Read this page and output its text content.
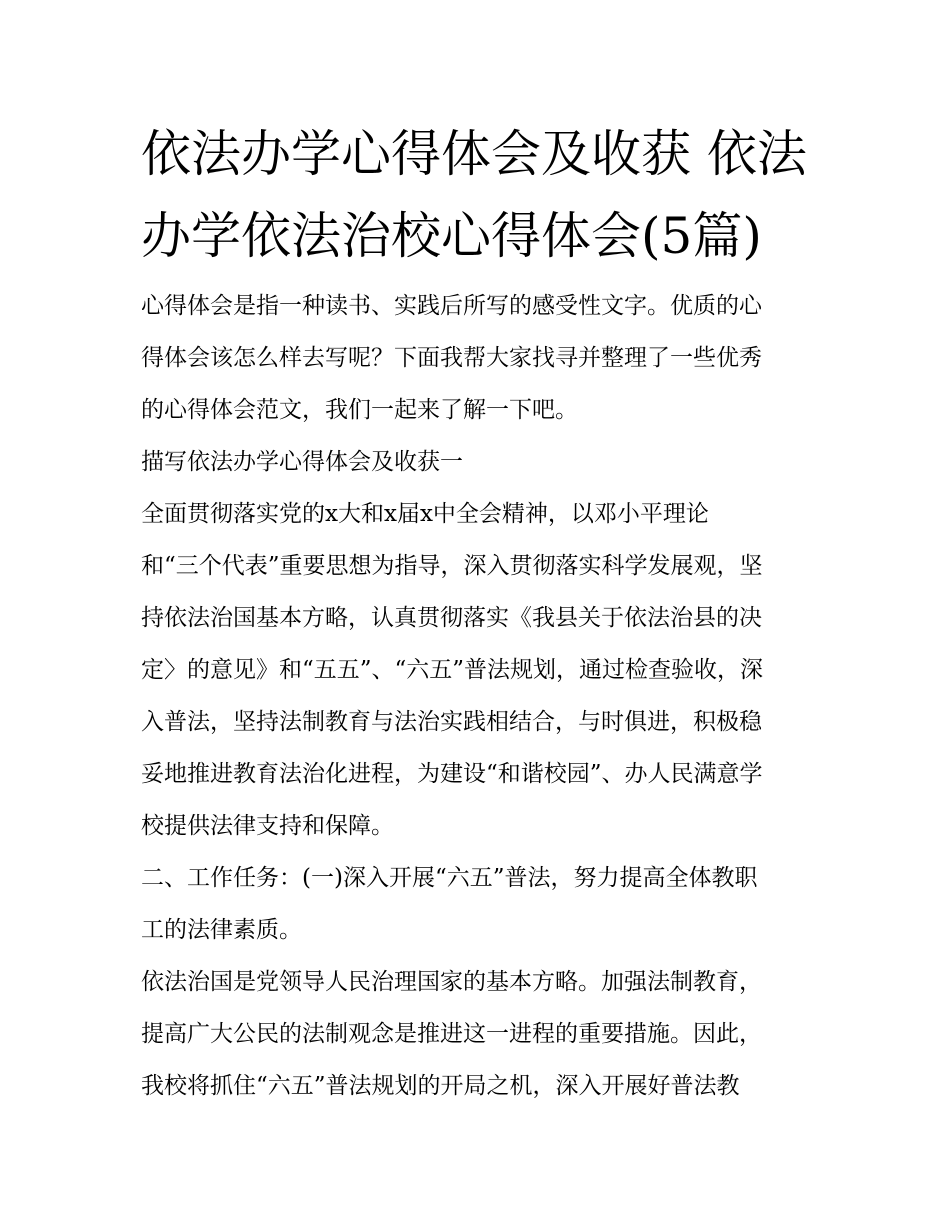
依法办学心得体会及收获 依法
办学依法治校心得体会(5篇)
心得体会是指一种读书、实践后所写的感受性文字。优质的心
得体会该怎么样去写呢？下面我帮大家找寻并整理了一些优秀
的心得体会范文，我们一起来了解一下吧。
描写依法办学心得体会及收获一
全面贯彻落实党的x大和x届x中全会精神，以邓小平理论
和“三个代表”重要思想为指导，深入贯彻落实科学发展观，坚
持依法治国基本方略，认真贯彻落实《我县关于依法治县的决
定〉的意见》和“五五”、“六五”普法规划，通过检查验收，深
入普法，坚持法制教育与法治实践相结合，与时俱进，积极稳
妥地推进教育法治化进程，为建设“和谐校园”、办人民满意学
校提供法律支持和保障。
二、工作任务：(一)深入开展“六五”普法，努力提高全体教职
工的法律素质。
依法治国是党领导人民治理国家的基本方略。加强法制教育，
提高广大公民的法制观念是推进这一进程的重要措施。因此，
我校将抓住“六五”普法规划的开局之机，深入开展好普法教
